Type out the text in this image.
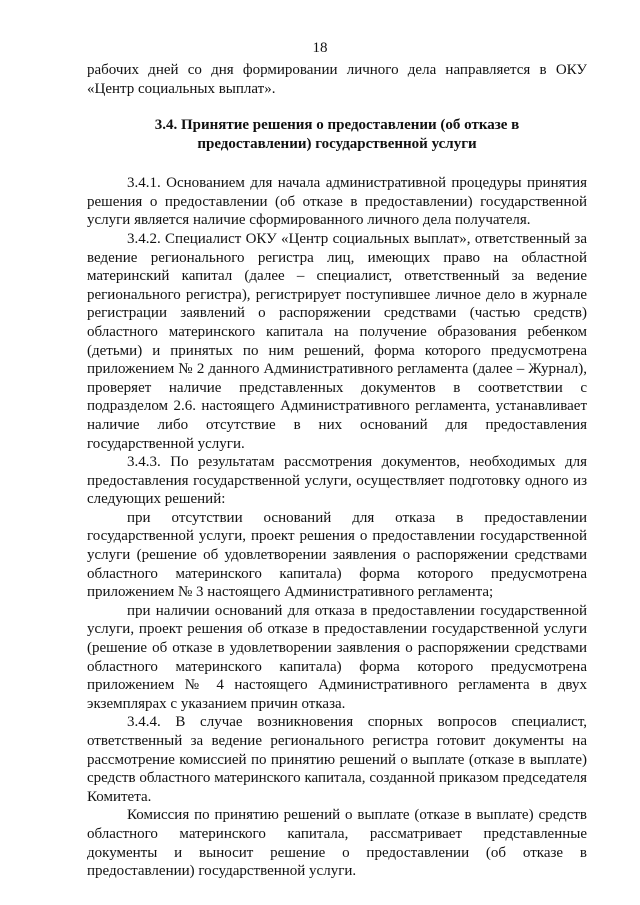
18

рабочих дней со дня формировании личного дела направляется в ОКУ «Центр социальных выплат».

3.4. Принятие решения о предоставлении (об отказе в предоставлении) государственной услуги

3.4.1. Основанием для начала административной процедуры принятия решения о предоставлении (об отказе в предоставлении) государственной услуги является наличие сформированного личного дела получателя.

3.4.2. Специалист ОКУ «Центр социальных выплат», ответственный за ведение регионального регистра лиц, имеющих право на областной материнский капитал (далее – специалист, ответственный за ведение регионального регистра), регистрирует поступившее личное дело в журнале регистрации заявлений о распоряжении средствами (частью средств) областного материнского капитала на получение образования ребенком (детьми) и принятых по ним решений, форма которого предусмотрена приложением № 2 данного Административного регламента (далее – Журнал), проверяет наличие представленных документов в соответствии с подразделом 2.6. настоящего Административного регламента, устанавливает наличие либо отсутствие в них оснований для предоставления государственной услуги.

3.4.3. По результатам рассмотрения документов, необходимых для предоставления государственной услуги, осуществляет подготовку одного из следующих решений:

при отсутствии оснований для отказа в предоставлении государственной услуги, проект решения о предоставлении государственной услуги (решение об удовлетворении заявления о распоряжении средствами областного материнского капитала) форма которого предусмотрена приложением № 3 настоящего Административного регламента;

при наличии оснований для отказа в предоставлении государственной услуги, проект решения об отказе в предоставлении государственной услуги (решение об отказе в удовлетворении заявления о распоряжении средствами областного материнского капитала) форма которого предусмотрена приложением № 4 настоящего Административного регламента в двух экземплярах с указанием причин отказа.

3.4.4. В случае возникновения спорных вопросов специалист, ответственный за ведение регионального регистра готовит документы на рассмотрение комиссией по принятию решений о выплате (отказе в выплате) средств областного материнского капитала, созданной приказом председателя Комитета.

Комиссия по принятию решений о выплате (отказе в выплате) средств областного материнского капитала, рассматривает представленные документы и выносит решение о предоставлении (об отказе в предоставлении) государственной услуги.
